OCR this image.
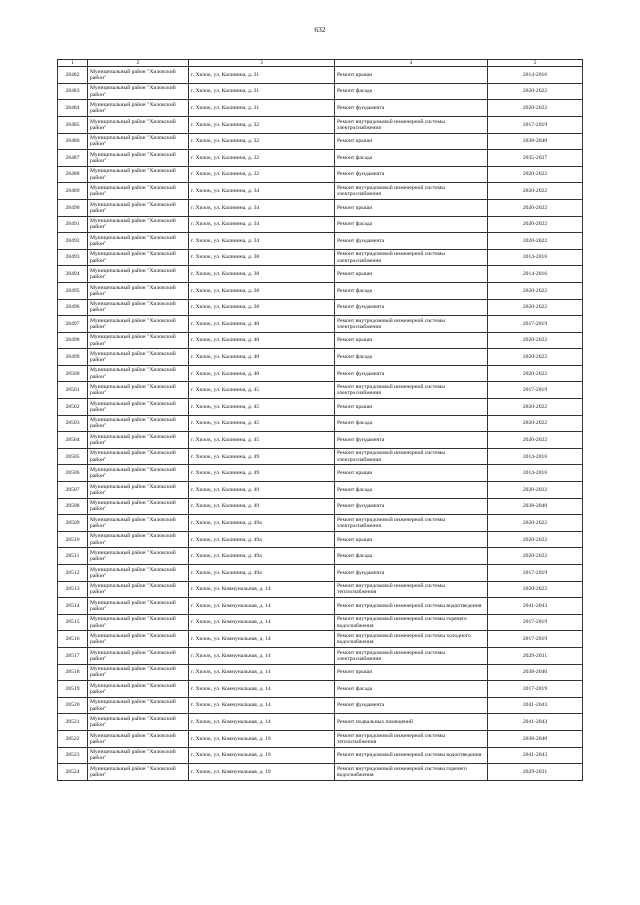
632
1	2	3	4	5
28482	Муниципальный район "Хилокский район"	г. Хилок, ул. Калинина, д. 31	Ремонт крыши	2014-2016
28483	Муниципальный район "Хилокский район"	г. Хилок, ул. Калинина, д. 31	Ремонт фасада	2020-2022
28484	Муниципальный район "Хилокский район"	г. Хилок, ул. Калинина, д. 31	Ремонт фундамента	2020-2022
28485	Муниципальный район "Хилокский район"	г. Хилок, ул. Калинина, д. 32	Ремонт внутридомовой инженерной системы электроснабжения	2017-2019
28486	Муниципальный район "Хилокский район"	г. Хилок, ул. Калинина, д. 32	Ремонт крыши	2038-2040
28487	Муниципальный район "Хилокский район"	г. Хилок, ул. Калинина, д. 32	Ремонт фасада	2035-2037
28488	Муниципальный район "Хилокский район"	г. Хилок, ул. Калинина, д. 32	Ремонт фундамента	2020-2022
28489	Муниципальный район "Хилокский район"	г. Хилок, ул. Калинина, д. 34	Ремонт внутридомовой инженерной системы электроснабжения	2020-2022
28490	Муниципальный район "Хилокский район"	г. Хилок, ул. Калинина, д. 34	Ремонт крыши	2020-2022
28491	Муниципальный район "Хилокский район"	г. Хилок, ул. Калинина, д. 34	Ремонт фасада	2020-2022
28492	Муниципальный район "Хилокский район"	г. Хилок, ул. Калинина, д. 34	Ремонт фундамента	2020-2022
28493	Муниципальный район "Хилокский район"	г. Хилок, ул. Калинина, д. 38	Ремонт внутридомовой инженерной системы электроснабжения	2014-2016
28494	Муниципальный район "Хилокский район"	г. Хилок, ул. Калинина, д. 38	Ремонт крыши	2014-2016
28495	Муниципальный район "Хилокский район"	г. Хилок, ул. Калинина, д. 38	Ремонт фасада	2020-2022
28496	Муниципальный район "Хилокский район"	г. Хилок, ул. Калинина, д. 38	Ремонт фундамента	2020-2022
28497	Муниципальный район "Хилокский район"	г. Хилок, ул. Калинина, д. 40	Ремонт внутридомовой инженерной системы электроснабжения	2017-2019
28498	Муниципальный район "Хилокский район"	г. Хилок, ул. Калинина, д. 40	Ремонт крыши	2020-2022
28499	Муниципальный район "Хилокский район"	г. Хилок, ул. Калинина, д. 40	Ремонт фасада	2020-2022
28500	Муниципальный район "Хилокский район"	г. Хилок, ул. Калинина, д. 40	Ремонт фундамента	2020-2022
28501	Муниципальный район "Хилокский район"	г. Хилок, ул. Калинина, д. 45	Ремонт внутридомовой инженерной системы электроснабжения	2017-2019
28502	Муниципальный район "Хилокский район"	г. Хилок, ул. Калинина, д. 45	Ремонт крыши	2020-2022
28503	Муниципальный район "Хилокский район"	г. Хилок, ул. Калинина, д. 45	Ремонт фасада	2020-2022
28504	Муниципальный район "Хилокский район"	г. Хилок, ул. Калинина, д. 45	Ремонт фундамента	2020-2022
28505	Муниципальный район "Хилокский район"	г. Хилок, ул. Калинина, д. 49	Ремонт внутридомовой инженерной системы электроснабжения	2014-2016
28506	Муниципальный район "Хилокский район"	г. Хилок, ул. Калинина, д. 49	Ремонт крыши	2014-2016
28507	Муниципальный район "Хилокский район"	г. Хилок, ул. Калинина, д. 49	Ремонт фасада	2020-2022
28508	Муниципальный район "Хилокский район"	г. Хилок, ул. Калинина, д. 49	Ремонт фундамента	2038-2040
28509	Муниципальный район "Хилокский район"	г. Хилок, ул. Калинина, д. 49а	Ремонт внутридомовой инженерной системы электроснабжения	2020-2022
28510	Муниципальный район "Хилокский район"	г. Хилок, ул. Калинина, д. 49а	Ремонт крыши	2020-2022
28511	Муниципальный район "Хилокский район"	г. Хилок, ул. Калинина, д. 49а	Ремонт фасада	2020-2022
28512	Муниципальный район "Хилокский район"	г. Хилок, ул. Калинина, д. 49а	Ремонт фундамента	2017-2019
28513	Муниципальный район "Хилокский район"	г. Хилок, ул. Коммунальная, д. 14	Ремонт внутридомовой инженерной системы теплоснабжения	2020-2022
28514	Муниципальный район "Хилокский район"	г. Хилок, ул. Коммунальная, д. 14	Ремонт внутридомовой инженерной системы водоотведения	2041-2043
28515	Муниципальный район "Хилокский район"	г. Хилок, ул. Коммунальная, д. 14	Ремонт внутридомовой инженерной системы горячего водоснабжения	2017-2019
28516	Муниципальный район "Хилокский район"	г. Хилок, ул. Коммунальная, д. 14	Ремонт внутридомовой инженерной системы холодного водоснабжения	2017-2019
28517	Муниципальный район "Хилокский район"	г. Хилок, ул. Коммунальная, д. 14	Ремонт внутридомовой инженерной системы электроснабжения	2029-2031
28518	Муниципальный район "Хилокский район"	г. Хилок, ул. Коммунальная, д. 14	Ремонт крыши	2038-2040
28519	Муниципальный район "Хилокский район"	г. Хилок, ул. Коммунальная, д. 14	Ремонт фасада	2017-2019
28520	Муниципальный район "Хилокский район"	г. Хилок, ул. Коммунальная, д. 14	Ремонт фундамента	2041-2043
28521	Муниципальный район "Хилокский район"	г. Хилок, ул. Коммунальная, д. 14	Ремонт подвальных помещений	2041-2043
28522	Муниципальный район "Хилокский район"	г. Хилок, ул. Коммунальная, д. 19	Ремонт внутридомовой инженерной системы теплоснабжения	2038-2040
28523	Муниципальный район "Хилокский район"	г. Хилок, ул. Коммунальная, д. 19	Ремонт внутридомовой инженерной системы водоотведения	2041-2043
28524	Муниципальный район "Хилокский район"	г. Хилок, ул. Коммунальная, д. 19	Ремонт внутридомовой инженерной системы горячего водоснабжения	2029-2031
